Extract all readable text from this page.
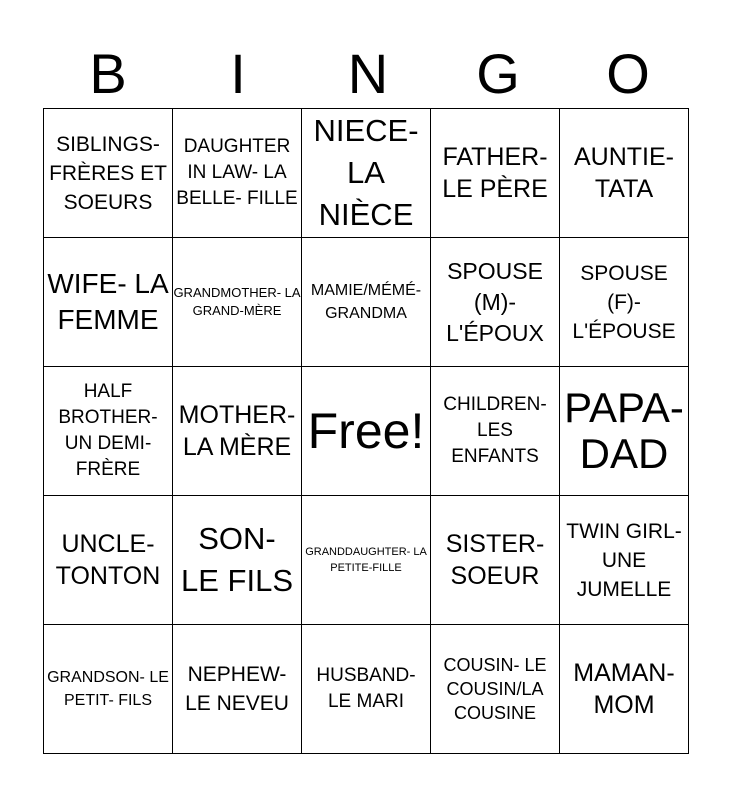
B	I	N	G	O
SIBLINGS- FRÈRES ET SOEURS	DAUGHTER IN LAW- LA BELLE- FILLE	NIECE- LA NIÈCE	FATHER- LE PÈRE	AUNTIE- TATA

WIFE- LA FEMME	GRANDMOTHER- LA GRAND-MÈRE	MAMIE/MÉMÉ- GRANDMA	SPOUSE (M)- L'ÉPOUX	SPOUSE (F)- L'ÉPOUSE

HALF BROTHER- UN DEMI- FRÈRE	MOTHER- LA MÈRE	Free!	CHILDREN- LES ENFANTS	PAPA- DAD

UNCLE- TONTON	SON- LE FILS	GRANDDAUGHTER- LA PETITE-FILLE	SISTER- SOEUR	TWIN GIRL- UNE JUMELLE

GRANDSON- LE PETIT- FILS	NEPHEW- LE NEVEU	HUSBAND- LE MARI	COUSIN- LE COUSIN/LA COUSINE	MAMAN- MOM
